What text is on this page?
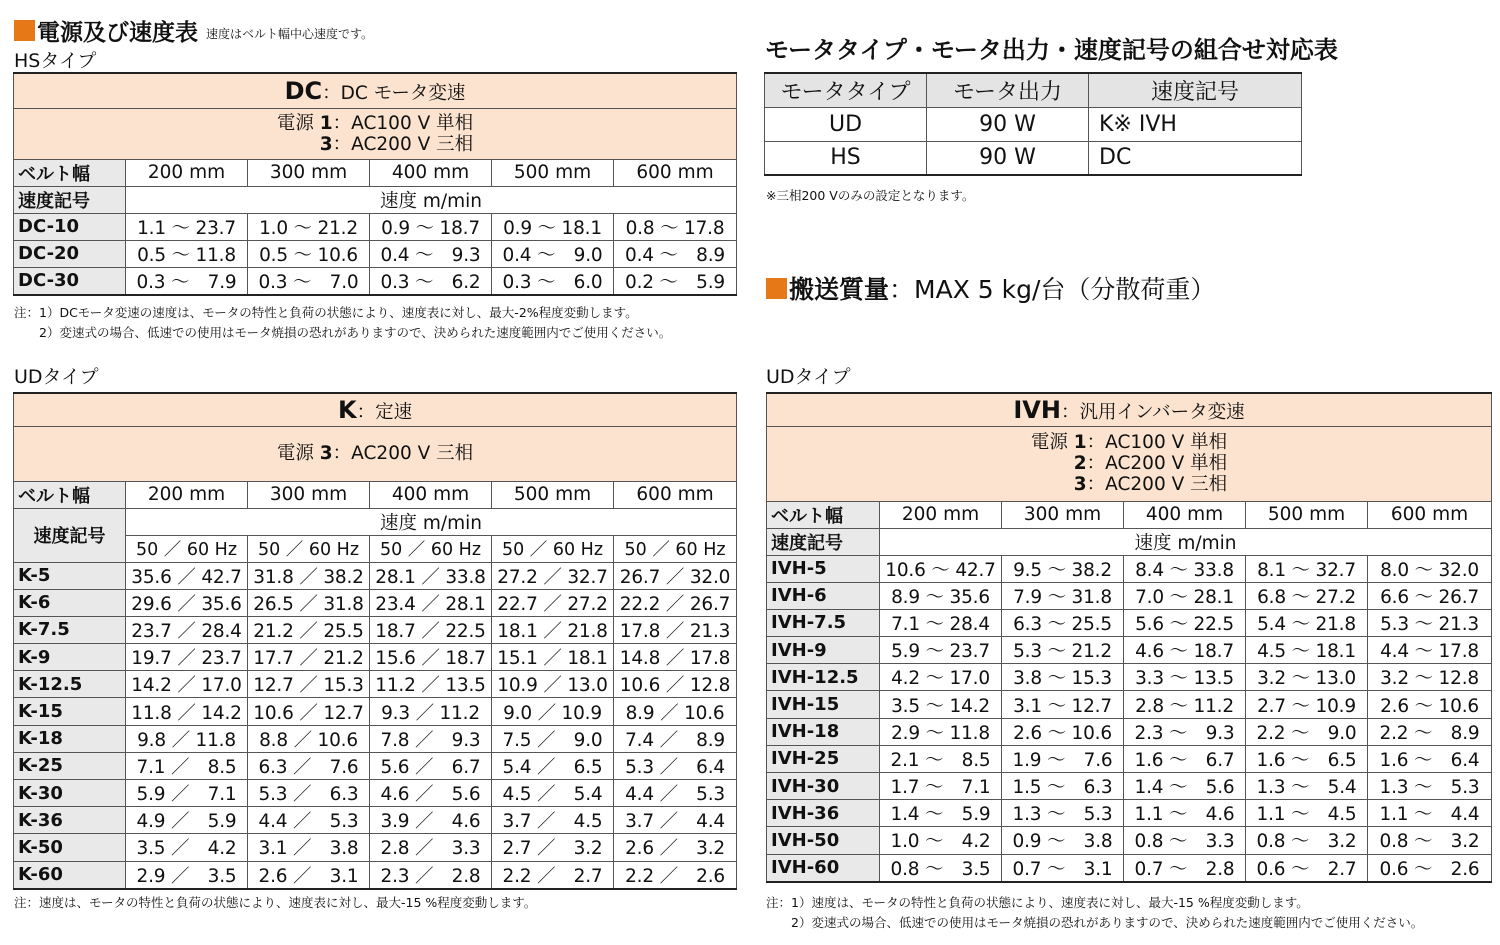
電源及び速度表 速度はベルト幅中心速度です。
HSタイプ
DC：DC モータ変速					

電源 1：AC100 V 単相
3：AC200 V 三相					

ベルト幅	200 mm	300 mm	400 mm	500 mm	600 mm
速度記号	速度 m/min				
DC-10	1.1 ～ 23.7	1.0 ～ 21.2	0.9 ～ 18.7	0.9 ～ 18.1	0.8 ～ 17.8
DC-20	0.5 ～ 11.8	0.5 ～ 10.6	0.4 ～　9.3	0.4 ～　9.0	0.4 ～　8.9
DC-30	0.3 ～　7.9	0.3 ～　7.0	0.3 ～　6.2	0.3 ～　6.0	0.2 ～　5.9
注：1）DCモータ変速の速度は、モータの特性と負荷の状態により、速度表に対し、最大-2%程度変動します。
　　2）変速式の場合、低速での使用はモータ焼損の恐れがありますので、決められた速度範囲内でご使用ください。
モータタイプ・モータ出力・速度記号の組合せ対応表
モータタイプ	モータ出力	速度記号
UD	90 W	K※ IVH
HS	90 W	DC
※三相200 Vのみの設定となります。
搬送質量 ：MAX 5 kg/台（分散荷重）
UDタイプ
K：定速					
電源 3：AC200 V 三相					
ベルト幅	200 mm	300 mm	400 mm	500 mm	600 mm
速度記号	速度 m/min				
	50 ／ 60 Hz	50 ／ 60 Hz	50 ／ 60 Hz	50 ／ 60 Hz	50 ／ 60 Hz
K-5	35.6 ／ 42.7	31.8 ／ 38.2	28.1 ／ 33.8	27.2 ／ 32.7	26.7 ／ 32.0
K-6	29.6 ／ 35.6	26.5 ／ 31.8	23.4 ／ 28.1	22.7 ／ 27.2	22.2 ／ 26.7
K-7.5	23.7 ／ 28.4	21.2 ／ 25.5	18.7 ／ 22.5	18.1 ／ 21.8	17.8 ／ 21.3
K-9	19.7 ／ 23.7	17.7 ／ 21.2	15.6 ／ 18.7	15.1 ／ 18.1	14.8 ／ 17.8
K-12.5	14.2 ／ 17.0	12.7 ／ 15.3	11.2 ／ 13.5	10.9 ／ 13.0	10.6 ／ 12.8
K-15	11.8 ／ 14.2	10.6 ／ 12.7	9.3 ／ 11.2	9.0 ／ 10.9	8.9 ／ 10.6
K-18	9.8 ／ 11.8	8.8 ／ 10.6	7.8 ／　9.3	7.5 ／　9.0	7.4 ／　8.9
K-25	7.1 ／　8.5	6.3 ／　7.6	5.6 ／　6.7	5.4 ／　6.5	5.3 ／　6.4
K-30	5.9 ／　7.1	5.3 ／　6.3	4.6 ／　5.6	4.5 ／　5.4	4.4 ／　5.3
K-36	4.9 ／　5.9	4.4 ／　5.3	3.9 ／　4.6	3.7 ／　4.5	3.7 ／　4.4
K-50	3.5 ／　4.2	3.1 ／　3.8	2.8 ／　3.3	2.7 ／　3.2	2.6 ／　3.2
K-60	2.9 ／　3.5	2.6 ／　3.1	2.3 ／　2.8	2.2 ／　2.7	2.2 ／　2.6
注：速度は、モータの特性と負荷の状態により、速度表に対し、最大-15 %程度変動します。
UDタイプ
IVH：汎用インバータ変速					

電源 1：AC100 V 単相
2：AC200 V 単相
3：AC200 V 三相					

ベルト幅	200 mm	300 mm	400 mm	500 mm	600 mm
速度記号	速度 m/min				
IVH-5	10.6 ～ 42.7	9.5 ～ 38.2	8.4 ～ 33.8	8.1 ～ 32.7	8.0 ～ 32.0
IVH-6	8.9 ～ 35.6	7.9 ～ 31.8	7.0 ～ 28.1	6.8 ～ 27.2	6.6 ～ 26.7
IVH-7.5	7.1 ～ 28.4	6.3 ～ 25.5	5.6 ～ 22.5	5.4 ～ 21.8	5.3 ～ 21.3
IVH-9	5.9 ～ 23.7	5.3 ～ 21.2	4.6 ～ 18.7	4.5 ～ 18.1	4.4 ～ 17.8
IVH-12.5	4.2 ～ 17.0	3.8 ～ 15.3	3.3 ～ 13.5	3.2 ～ 13.0	3.2 ～ 12.8
IVH-15	3.5 ～ 14.2	3.1 ～ 12.7	2.8 ～ 11.2	2.7 ～ 10.9	2.6 ～ 10.6
IVH-18	2.9 ～ 11.8	2.6 ～ 10.6	2.3 ～　9.3	2.2 ～　9.0	2.2 ～　8.9
IVH-25	2.1 ～　8.5	1.9 ～　7.6	1.6 ～　6.7	1.6 ～　6.5	1.6 ～　6.4
IVH-30	1.7 ～　7.1	1.5 ～　6.3	1.4 ～　5.6	1.3 ～　5.4	1.3 ～　5.3
IVH-36	1.4 ～　5.9	1.3 ～　5.3	1.1 ～　4.6	1.1 ～　4.5	1.1 ～　4.4
IVH-50	1.0 ～　4.2	0.9 ～　3.8	0.8 ～　3.3	0.8 ～　3.2	0.8 ～　3.2
IVH-60	0.8 ～　3.5	0.7 ～　3.1	0.7 ～　2.8	0.6 ～　2.7	0.6 ～　2.6
注：1）速度は、モータの特性と負荷の状態により、速度表に対し、最大-15 %程度変動します。
　　2）変速式の場合、低速での使用はモータ焼損の恐れがありますので、決められた速度範囲内でご使用ください。
